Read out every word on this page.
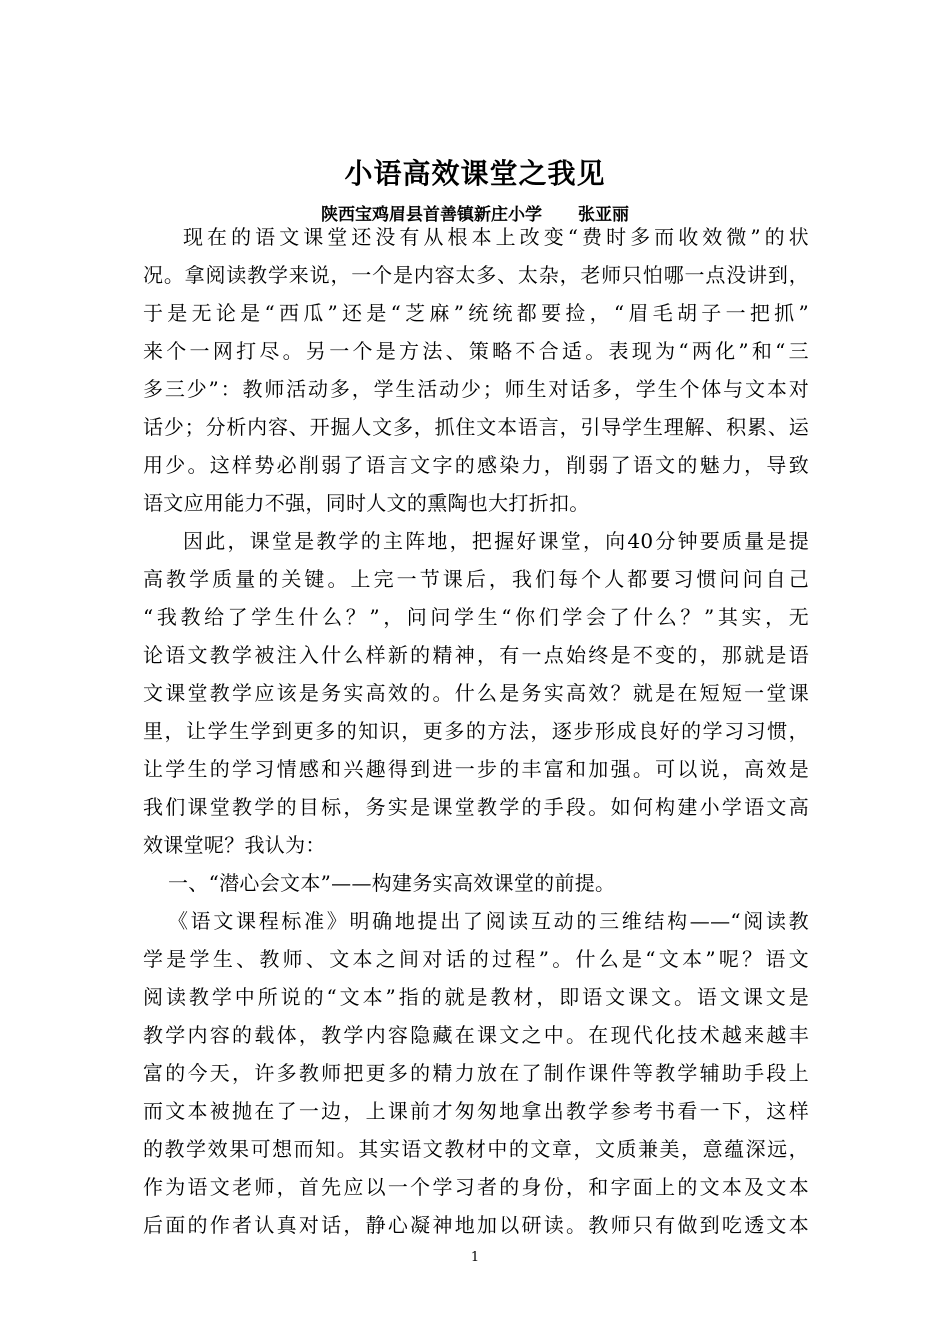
小语高效课堂之我见
陕西宝鸡眉县首善镇新庄小学 张亚丽
现在的语文课堂还没有从根本上改变“费时多而收效微”的状
况。拿阅读教学来说，一个是内容太多、太杂，老师只怕哪一点没讲到，
于是无论是“西瓜”还是“芝麻”统统都要捡，“眉毛胡子一把抓”
来个一网打尽。另一个是方法、策略不合适。表现为“两化”和“三
多三少”：教师活动多，学生活动少；师生对话多，学生个体与文本对
话少；分析内容、开掘人文多，抓住文本语言，引导学生理解、积累、运
用少。这样势必削弱了语言文字的感染力，削弱了语文的魅力，导致
语文应用能力不强，同时人文的熏陶也大打折扣。
因此，课堂是教学的主阵地，把握好课堂，向40分钟要质量是提
高教学质量的关键。上完一节课后，我们每个人都要习惯问问自己
“我教给了学生什么？”，问问学生“你们学会了什么？”其实，无
论语文教学被注入什么样新的精神，有一点始终是不变的，那就是语
文课堂教学应该是务实高效的。什么是务实高效？就是在短短一堂课
里，让学生学到更多的知识，更多的方法，逐步形成良好的学习习惯，
让学生的学习情感和兴趣得到进一步的丰富和加强。可以说，高效是
我们课堂教学的目标，务实是课堂教学的手段。如何构建小学语文高
效课堂呢？我认为：
一、“潜心会文本”——构建务实高效课堂的前提。
《语文课程标准》明确地提出了阅读互动的三维结构——“阅读教
学是学生、教师、文本之间对话的过程”。什么是“文本”呢？语文
阅读教学中所说的“文本”指的就是教材，即语文课文。语文课文是
教学内容的载体，教学内容隐藏在课文之中。在现代化技术越来越丰
富的今天，许多教师把更多的精力放在了制作课件等教学辅助手段上
而文本被抛在了一边，上课前才匆匆地拿出教学参考书看一下，这样
的教学效果可想而知。其实语文教材中的文章，文质兼美，意蕴深远，
作为语文老师，首先应以一个学习者的身份，和字面上的文本及文本
后面的作者认真对话，静心凝神地加以研读。教师只有做到吃透文本
1
